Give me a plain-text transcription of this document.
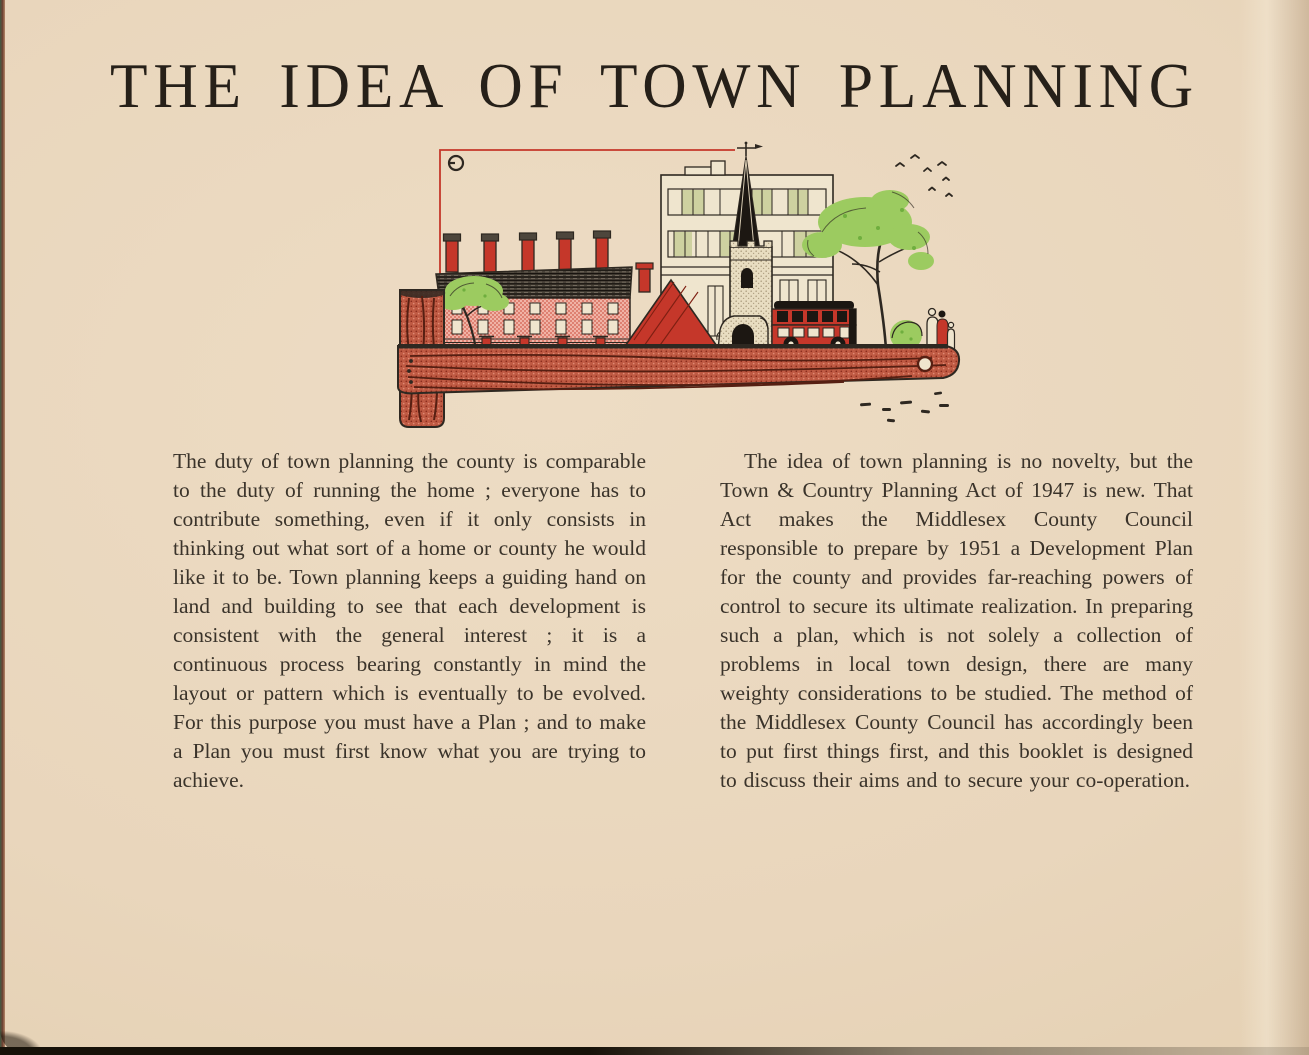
THE IDEA OF TOWN PLANNING

The duty of town planning the county is comparable to the duty of running the home ; everyone has to contribute something, even if it only consists in thinking out what sort of a home or county he would like it to be. Town planning keeps a guiding hand on land and building to see that each development is consistent with the general interest ; it is a continuous process bearing constantly in mind the layout or pattern which is eventually to be evolved. For this purpose you must have a Plan ; and to make a Plan you must first know what you are trying to achieve.

The idea of town planning is no novelty, but the Town & Country Planning Act of 1947 is new. That Act makes the Middlesex County Council responsible to prepare by 1951 a Development Plan for the county and provides far-reaching powers of control to secure its ultimate realization. In preparing such a plan, which is not solely a collection of problems in local town design, there are many weighty considerations to be studied. The method of the Middlesex County Council has accordingly been to put first things first, and this booklet is designed to discuss their aims and to secure your co-operation.
